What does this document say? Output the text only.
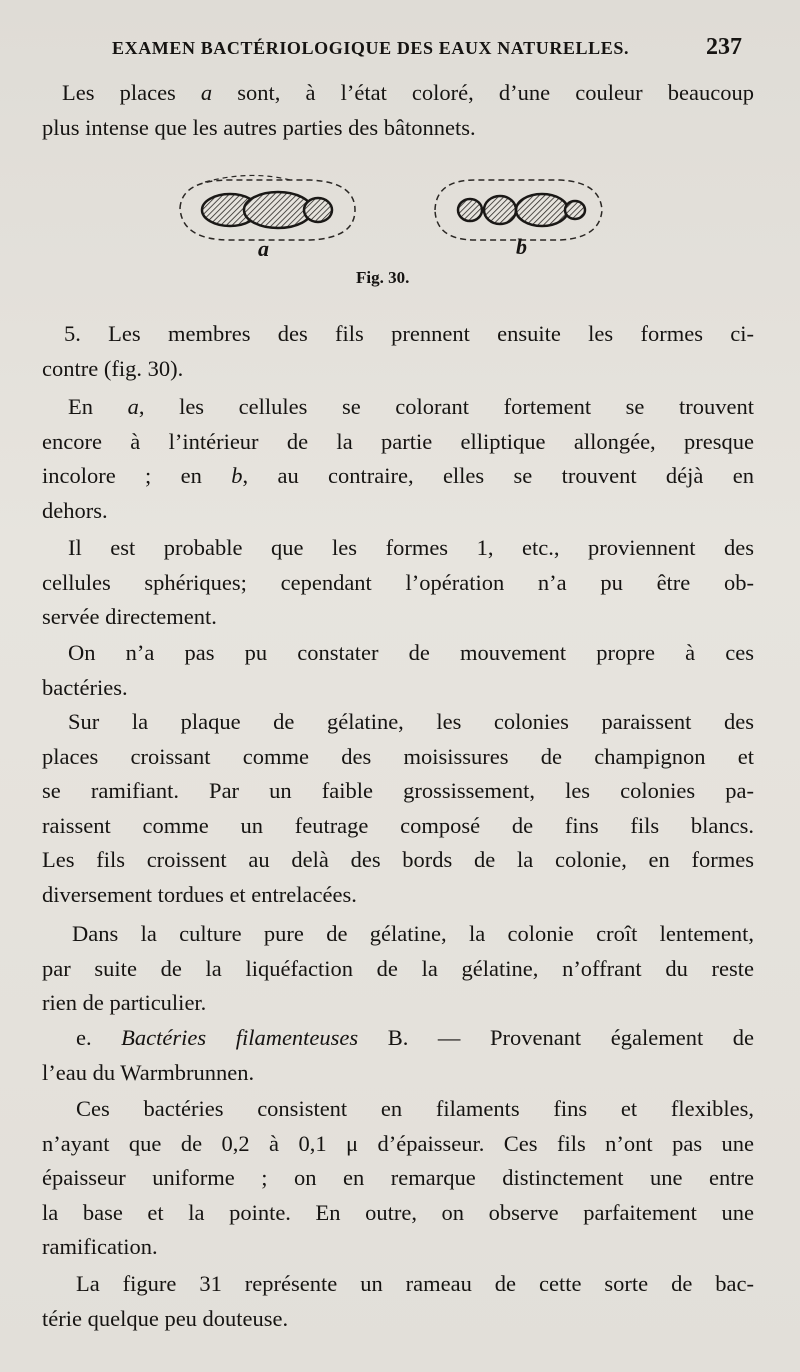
EXAMEN BACTÉRIOLOGIQUE DES EAUX NATURELLES.	237
Les places a sont, à l’état coloré, d’une couleur beaucoup
plus intense que les autres parties des bâtonnets.
a	b
Fig. 30.
5. Les membres des fils prennent ensuite les formes ci-
contre (fig. 30).
En a, les cellules se colorant fortement se trouvent
encore à l’intérieur de la partie elliptique allongée, presque
incolore ; en b, au contraire, elles se trouvent déjà en
dehors.
Il est probable que les formes 1, etc., proviennent des
cellules sphériques; cependant l’opération n’a pu être ob-
servée directement.
On n’a pas pu constater de mouvement propre à ces
bactéries.
Sur la plaque de gélatine, les colonies paraissent des
places croissant comme des moisissures de champignon et
se ramifiant. Par un faible grossissement, les colonies pa-
raissent comme un feutrage composé de fins fils blancs.
Les fils croissent au delà des bords de la colonie, en formes
diversement tordues et entrelacées.
Dans la culture pure de gélatine, la colonie croît lentement,
par suite de la liquéfaction de la gélatine, n’offrant du reste
rien de particulier.
e. Bactéries filamenteuses B. — Provenant également de
l’eau du Warmbrunnen.
Ces bactéries consistent en filaments fins et flexibles,
n’ayant que de 0,2 à 0,1 μ d’épaisseur. Ces fils n’ont pas une
épaisseur uniforme ; on en remarque distinctement une entre
la base et la pointe. En outre, on observe parfaitement une
ramification.
La figure 31 représente un rameau de cette sorte de bac-
térie quelque peu douteuse.
